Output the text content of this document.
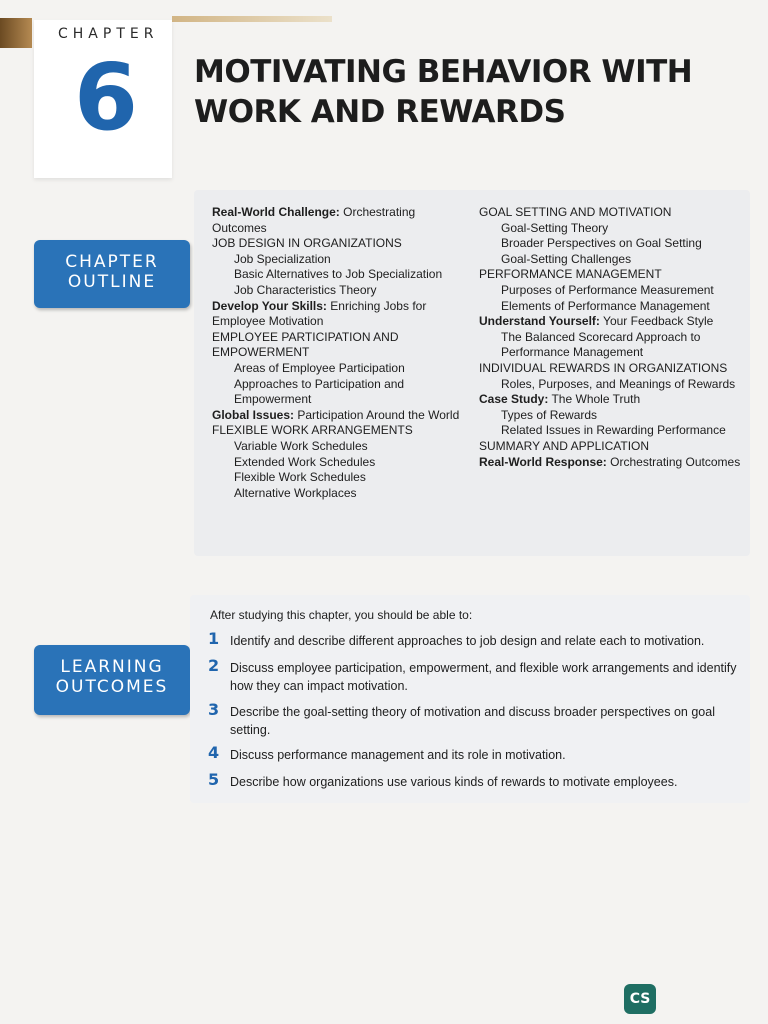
CHAPTER
6 MOTIVATING BEHAVIOR WITH
WORK AND REWARDS
CHAPTER
OUTLINE
Real-World Challenge: Orchestrating Outcomes
JOB DESIGN IN ORGANIZATIONS
Job Specialization
Basic Alternatives to Job Specialization
Job Characteristics Theory
Develop Your Skills: Enriching Jobs for Employee Motivation
EMPLOYEE PARTICIPATION AND EMPOWERMENT
Areas of Employee Participation
Approaches to Participation and Empowerment
Global Issues: Participation Around the World
FLEXIBLE WORK ARRANGEMENTS
Variable Work Schedules
Extended Work Schedules
Flexible Work Schedules
Alternative Workplaces
GOAL SETTING AND MOTIVATION
Goal-Setting Theory
Broader Perspectives on Goal Setting
Goal-Setting Challenges
PERFORMANCE MANAGEMENT
Purposes of Performance Measurement
Elements of Performance Management
Understand Yourself: Your Feedback Style
The Balanced Scorecard Approach to Performance Management
INDIVIDUAL REWARDS IN ORGANIZATIONS
Roles, Purposes, and Meanings of Rewards
Case Study: The Whole Truth
Types of Rewards
Related Issues in Rewarding Performance
SUMMARY AND APPLICATION
Real-World Response: Orchestrating Outcomes
LEARNING
OUTCOMES
After studying this chapter, you should be able to:
1 Identify and describe different approaches to job design and relate each to motivation.
2 Discuss employee participation, empowerment, and flexible work arrangements and identify how they can impact motivation.
3 Describe the goal-setting theory of motivation and discuss broader perspectives on goal setting.
4 Discuss performance management and its role in motivation.
5 Describe how organizations use various kinds of rewards to motivate employees.
CS
